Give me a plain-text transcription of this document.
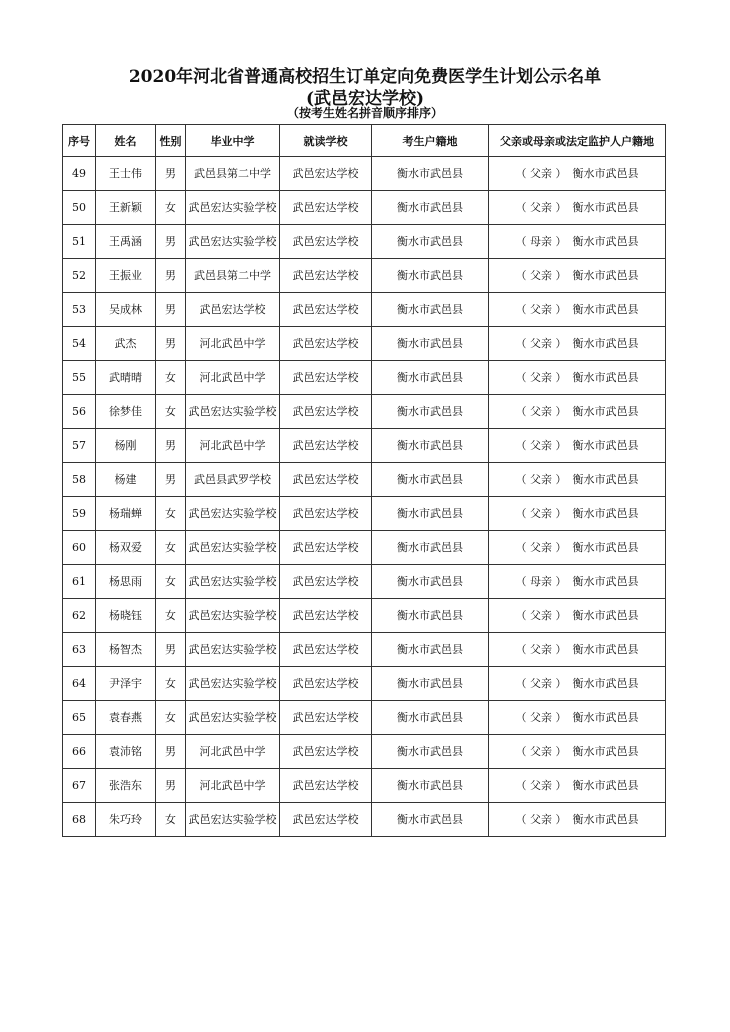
2020年河北省普通高校招生订单定向免费医学生计划公示名单
(武邑宏达学校)
（按考生姓名拼音顺序排序）
序号	姓名	性别	毕业中学	就读学校	考生户籍地	父亲或母亲或法定监护人户籍地
49	王士伟	男	武邑县第二中学	武邑宏达学校	衡水市武邑县	（ 父亲 ） 衡水市武邑县
50	王新颖	女	武邑宏达实验学校	武邑宏达学校	衡水市武邑县	（ 父亲 ） 衡水市武邑县
51	王禹涵	男	武邑宏达实验学校	武邑宏达学校	衡水市武邑县	（ 母亲 ） 衡水市武邑县
52	王振业	男	武邑县第二中学	武邑宏达学校	衡水市武邑县	（ 父亲 ） 衡水市武邑县
53	吴成林	男	武邑宏达学校	武邑宏达学校	衡水市武邑县	（ 父亲 ） 衡水市武邑县
54	武杰	男	河北武邑中学	武邑宏达学校	衡水市武邑县	（ 父亲 ） 衡水市武邑县
55	武晴晴	女	河北武邑中学	武邑宏达学校	衡水市武邑县	（ 父亲 ） 衡水市武邑县
56	徐梦佳	女	武邑宏达实验学校	武邑宏达学校	衡水市武邑县	（ 父亲 ） 衡水市武邑县
57	杨刚	男	河北武邑中学	武邑宏达学校	衡水市武邑县	（ 父亲 ） 衡水市武邑县
58	杨建	男	武邑县武罗学校	武邑宏达学校	衡水市武邑县	（ 父亲 ） 衡水市武邑县
59	杨瑞蝉	女	武邑宏达实验学校	武邑宏达学校	衡水市武邑县	（ 父亲 ） 衡水市武邑县
60	杨双爱	女	武邑宏达实验学校	武邑宏达学校	衡水市武邑县	（ 父亲 ） 衡水市武邑县
61	杨思雨	女	武邑宏达实验学校	武邑宏达学校	衡水市武邑县	（ 母亲 ） 衡水市武邑县
62	杨晓钰	女	武邑宏达实验学校	武邑宏达学校	衡水市武邑县	（ 父亲 ） 衡水市武邑县
63	杨智杰	男	武邑宏达实验学校	武邑宏达学校	衡水市武邑县	（ 父亲 ） 衡水市武邑县
64	尹泽宇	女	武邑宏达实验学校	武邑宏达学校	衡水市武邑县	（ 父亲 ） 衡水市武邑县
65	袁春燕	女	武邑宏达实验学校	武邑宏达学校	衡水市武邑县	（ 父亲 ） 衡水市武邑县
66	袁沛铭	男	河北武邑中学	武邑宏达学校	衡水市武邑县	（ 父亲 ） 衡水市武邑县
67	张浩东	男	河北武邑中学	武邑宏达学校	衡水市武邑县	（ 父亲 ） 衡水市武邑县
68	朱巧玲	女	武邑宏达实验学校	武邑宏达学校	衡水市武邑县	（ 父亲 ） 衡水市武邑县
